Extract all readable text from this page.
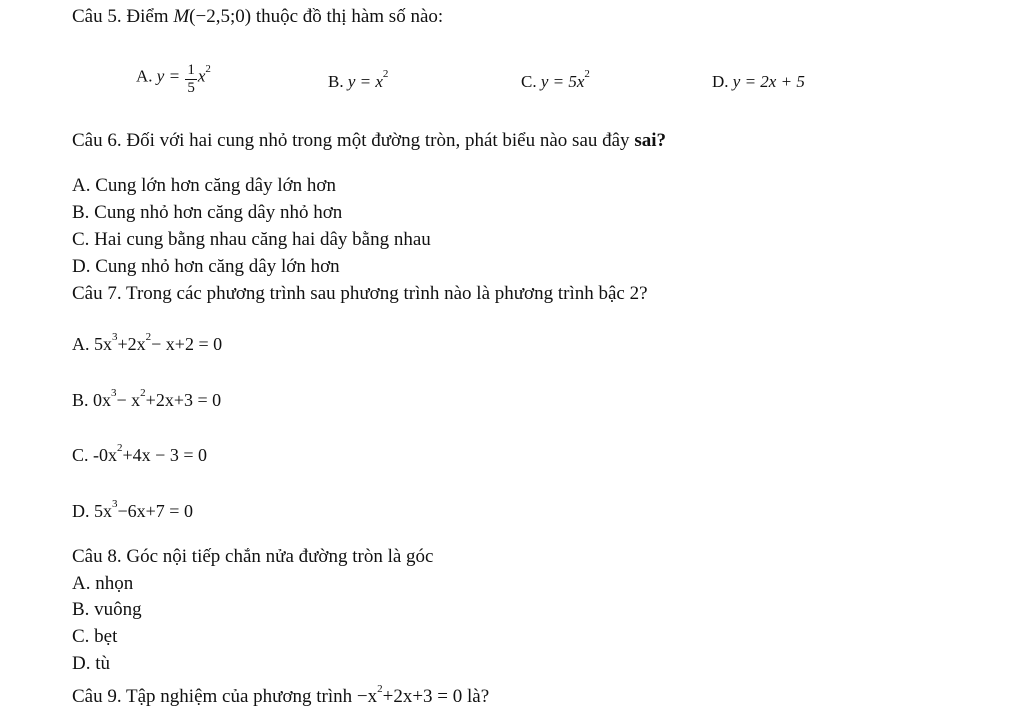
Câu 5. Điểm M(−2,5;0) thuộc đồ thị hàm số nào:
A. $y = \frac{1}{5} x^2$
B. $y = x^2$	C. $y = 5x^2$	D. y = 2x + 5
Câu 6. Đối với hai cung nhỏ trong một đường tròn, phát biểu nào sau đây sai?
A. Cung lớn hơn căng dây lớn hơn
B. Cung nhỏ hơn căng dây nhỏ hơn
C. Hai cung bằng nhau căng hai dây bằng nhau
D. Cung nhỏ hơn căng dây lớn hơn
Câu 7. Trong các phương trình sau phương trình nào là phương trình bậc 2?
A. $5x^3+2x^2- x+2 = 0$
B. $0x^3- x^2+2x+3 = 0$
C. $-0x^2+4x - 3 = 0$
D. $5x^3-6x+7 = 0$
Câu 8. Góc nội tiếp chắn nửa đường tròn là góc
A. nhọn
B. vuông
C. bẹt
D. tù
Câu 9. Tập nghiệm của phương trình $-x^2+2x+3 = 0$ là?
